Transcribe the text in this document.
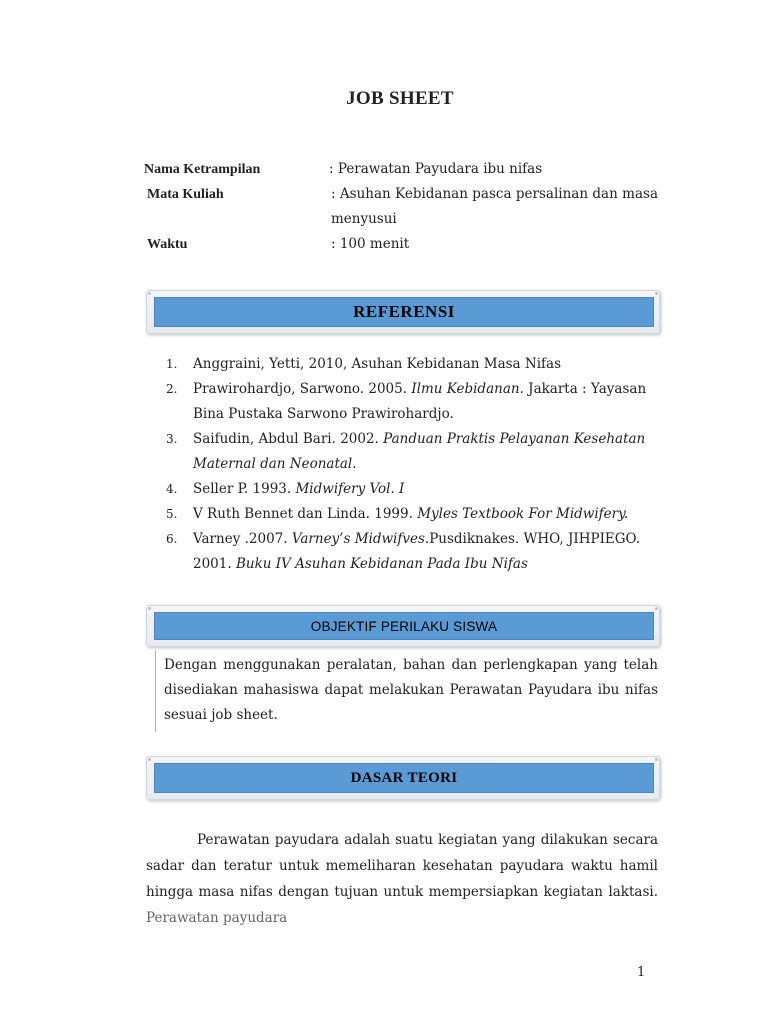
JOB SHEET
Nama Ketrampilan	: Perawatan Payudara ibu nifas
Mata Kuliah	: Asuhan Kebidanan pasca persalinan dan masa menyusui
Waktu	: 100 menit
REFERENSI
1. Anggraini, Yetti, 2010, Asuhan Kebidanan Masa Nifas
2. Prawirohardjo, Sarwono. 2005. Ilmu Kebidanan. Jakarta : Yayasan Bina Pustaka Sarwono Prawirohardjo.
3. Saifudin, Abdul Bari. 2002. Panduan Praktis Pelayanan Kesehatan Maternal dan Neonatal.
4. Seller P. 1993. Midwifery Vol. I
5. V Ruth Bennet dan Linda. 1999. Myles Textbook For Midwifery.
6. Varney .2007. Varney’s Midwifves.Pusdiknakes. WHO, JIHPIEGO. 2001. Buku IV Asuhan Kebidanan Pada Ibu Nifas
OBJEKTIF PERILAKU SISWA
Dengan menggunakan peralatan, bahan dan perlengkapan yang telah disediakan mahasiswa dapat melakukan Perawatan Payudara ibu nifas sesuai job sheet.
DASAR TEORI
Perawatan payudara adalah suatu kegiatan yang dilakukan secara sadar dan teratur untuk memeliharan kesehatan payudara waktu hamil hingga masa nifas dengan tujuan untuk mempersiapkan kegiatan laktasi. Perawatan payudara
1
